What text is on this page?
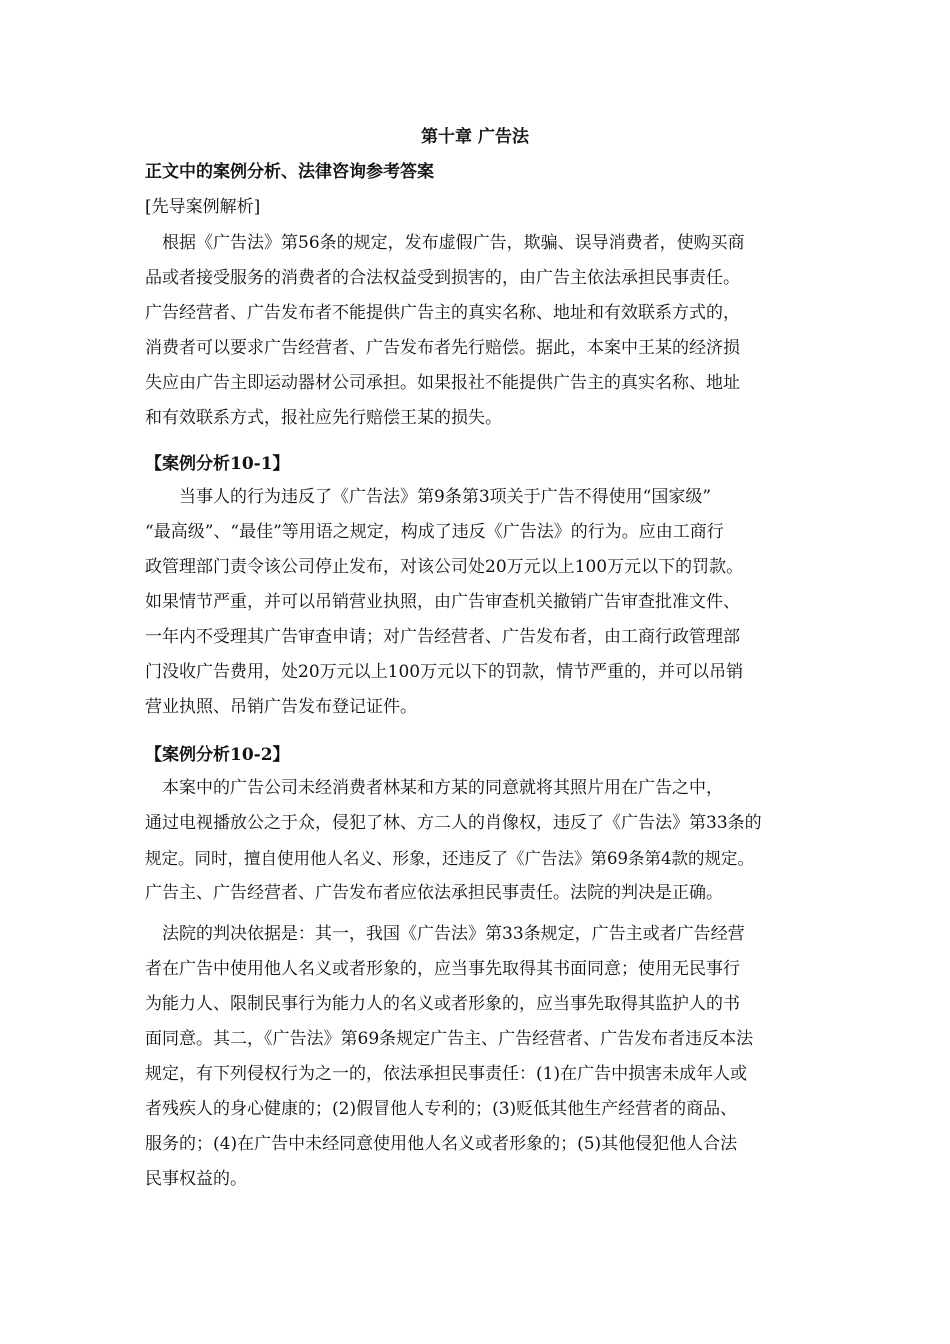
第十章 广告法
正文中的案例分析、法律咨询参考答案
[先导案例解析]
　根据《广告法》第56条的规定，发布虚假广告，欺骗、误导消费者，使购买商
品或者接受服务的消费者的合法权益受到损害的，由广告主依法承担民事责任。
广告经营者、广告发布者不能提供广告主的真实名称、地址和有效联系方式的，
消费者可以要求广告经营者、广告发布者先行赔偿。据此，本案中王某的经济损
失应由广告主即运动器材公司承担。如果报社不能提供广告主的真实名称、地址
和有效联系方式，报社应先行赔偿王某的损失。
【案例分析10-1】
　　当事人的行为违反了《广告法》第9条第3项关于广告不得使用“国家级”
“最高级”、“最佳”等用语之规定，构成了违反《广告法》的行为。应由工商行
政管理部门责令该公司停止发布，对该公司处20万元以上100万元以下的罚款。
如果情节严重，并可以吊销营业执照，由广告审查机关撤销广告审查批准文件、
一年内不受理其广告审查申请；对广告经营者、广告发布者，由工商行政管理部
门没收广告费用，处20万元以上100万元以下的罚款，情节严重的，并可以吊销
营业执照、吊销广告发布登记证件。
【案例分析10-2】
　本案中的广告公司未经消费者林某和方某的同意就将其照片用在广告之中，
通过电视播放公之于众，侵犯了林、方二人的肖像权，违反了《广告法》第33条的
规定。同时，擅自使用他人名义、形象，还违反了《广告法》第69条第4款的规定。
广告主、广告经营者、广告发布者应依法承担民事责任。法院的判决是正确。
　法院的判决依据是：其一，我国《广告法》第33条规定，广告主或者广告经营
者在广告中使用他人名义或者形象的，应当事先取得其书面同意；使用无民事行
为能力人、限制民事行为能力人的名义或者形象的，应当事先取得其监护人的书
面同意。其二，《广告法》第69条规定广告主、广告经营者、广告发布者违反本法
规定，有下列侵权行为之一的，依法承担民事责任：(1)在广告中损害未成年人或
者残疾人的身心健康的；(2)假冒他人专利的；(3)贬低其他生产经营者的商品、
服务的；(4)在广告中未经同意使用他人名义或者形象的；(5)其他侵犯他人合法
民事权益的。
